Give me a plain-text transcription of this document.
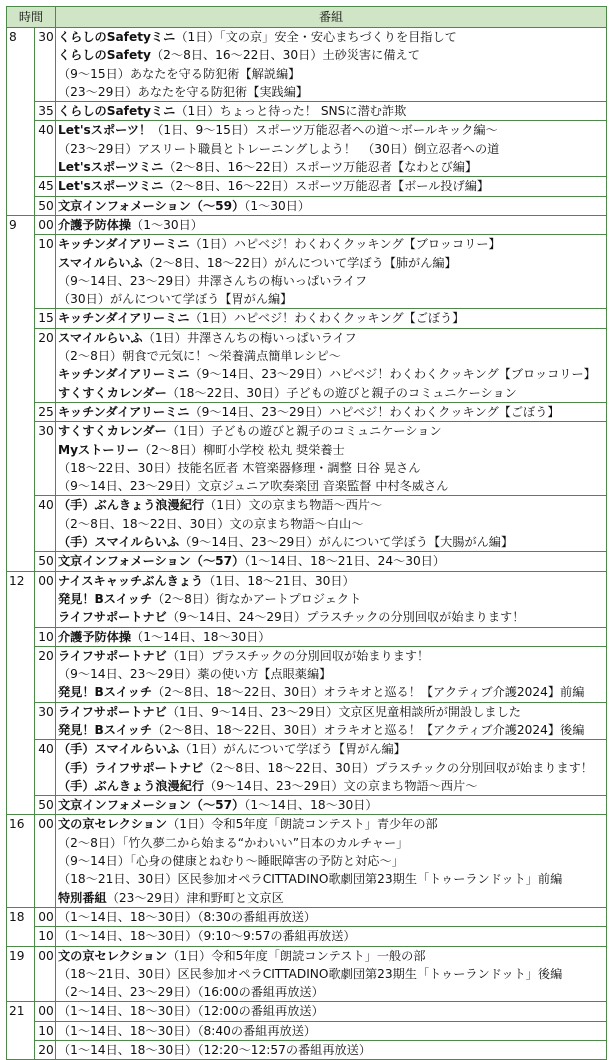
時間		番組
8	30	くらしのSafetyミニ（1日）「文の京」安全・安心まちづくりを目指して
くらしのSafety（2～8日、16～22日、30日）土砂災害に備えて
（9～15日）あなたを守る防犯術【解説編】
（23～29日）あなたを守る防犯術【実践編】

	35	くらしのSafetyミニ（1日）ちょっと待った！ SNSに潜む詐欺

	40	Let'sスポーツ！（1日、9～15日）スポーツ万能忍者への道～ボールキック編～
（23～29日）アスリート職員とトレーニングしよう！　（30日）倒立忍者への道
Let'sスポーツミニ（2～8日、16～22日）スポーツ万能忍者【なわとび編】

	45	Let'sスポーツミニ（2～8日、16～22日）スポーツ万能忍者【ボール投げ編】

	50	文京インフォメーション（～59）（1～30日）

9	00	介護予防体操（1～30日）

	10	キッチンダイアリーミニ（1日）ハピベジ！わくわくクッキング【ブロッコリー】
スマイルらいふ（2～8日、18～22日）がんについて学ぼう【肺がん編】
（9～14日、23～29日）井澤さんちの梅いっぱいライフ
（30日）がんについて学ぼう【胃がん編】

	15	キッチンダイアリーミニ（1日）ハピベジ！わくわくクッキング【ごぼう】

	20	スマイルらいふ（1日）井澤さんちの梅いっぱいライフ
（2～8日）朝食で元気に！～栄養満点簡単レシピ～
キッチンダイアリーミニ（9～14日、23～29日）ハピベジ！わくわくクッキング【ブロッコリー】
すくすくカレンダー（18～22日、30日）子どもの遊びと親子のコミュニケーション

	25	キッチンダイアリーミニ（9～14日、23～29日）ハピベジ！わくわくクッキング【ごぼう】

	30	すくすくカレンダー（1日）子どもの遊びと親子のコミュニケーション
Myストーリー（2～8日）柳町小学校 松丸 奨栄養士
（18～22日、30日）技能名匠者 木管楽器修理・調整 日谷 晃さん
（9～14日、23～29日）文京ジュニア吹奏楽団 音楽監督 中村冬威さん

	40	（手）ぶんきょう浪漫紀行（1日）文の京まち物語～西片～
（2～8日、18～22日、30日）文の京まち物語～白山～
（手）スマイルらいふ（9～14日、23～29日）がんについて学ぼう【大腸がん編】

	50	文京インフォメーション（～57）（1～14日、18～21日、24～30日）

12	00	ナイスキャッチぶんきょう（1日、18～21日、30日）
発見！Bスイッチ（2～8日）街なかアートプロジェクト
ライフサポートナビ（9～14日、24～29日）プラスチックの分別回収が始まります！

	10	介護予防体操（1～14日、18～30日）

	20	ライフサポートナビ（1日）プラスチックの分別回収が始まります！
（9～14日、23～29日）薬の使い方【点眼薬編】
発見！Bスイッチ（2～8日、18～22日、30日）オラキオと巡る！【アクティブ介護2024】前編

	30	ライフサポートナビ（1日、9～14日、23～29日）文京区児童相談所が開設しました
発見！Bスイッチ（2～8日、18～22日、30日）オラキオと巡る！【アクティブ介護2024】後編

	40	（手）スマイルらいふ（1日）がんについて学ぼう【胃がん編】
（手）ライフサポートナビ（2～8日、18～22日、30日）プラスチックの分別回収が始まります！
（手）ぶんきょう浪漫紀行（9～14日、23～29日）文の京まち物語～西片～

	50	文京インフォメーション（～57）（1～14日、18～30日）

16	00	文の京セレクション（1日）令和5年度「朗読コンテスト」青少年の部
（2～8日）「竹久夢二から始まる“かわいい”日本のカルチャー」
（9～14日）「心身の健康とねむり～睡眠障害の予防と対応～」
（18～21日、30日）区民参加オペラCITTADINO歌劇団第23期生「トゥーランドット」前編
特別番組（23～29日）津和野町と文京区

18	00	（1～14日、18～30日）（8:30の番組再放送）

	10	（1～14日、18～30日）（9:10～9:57の番組再放送）

19	00	文の京セレクション（1日）令和5年度「朗読コンテスト」一般の部
（18～21日、30日）区民参加オペラCITTADINO歌劇団第23期生「トゥーランドット」後編
（2～14日、23～29日）（16:00の番組再放送）

21	00	（1～14日、18～30日）（12:00の番組再放送）

	10	（1～14日、18～30日）（8:40の番組再放送）

	20	（1～14日、18～30日）（12:20～12:57の番組再放送）
